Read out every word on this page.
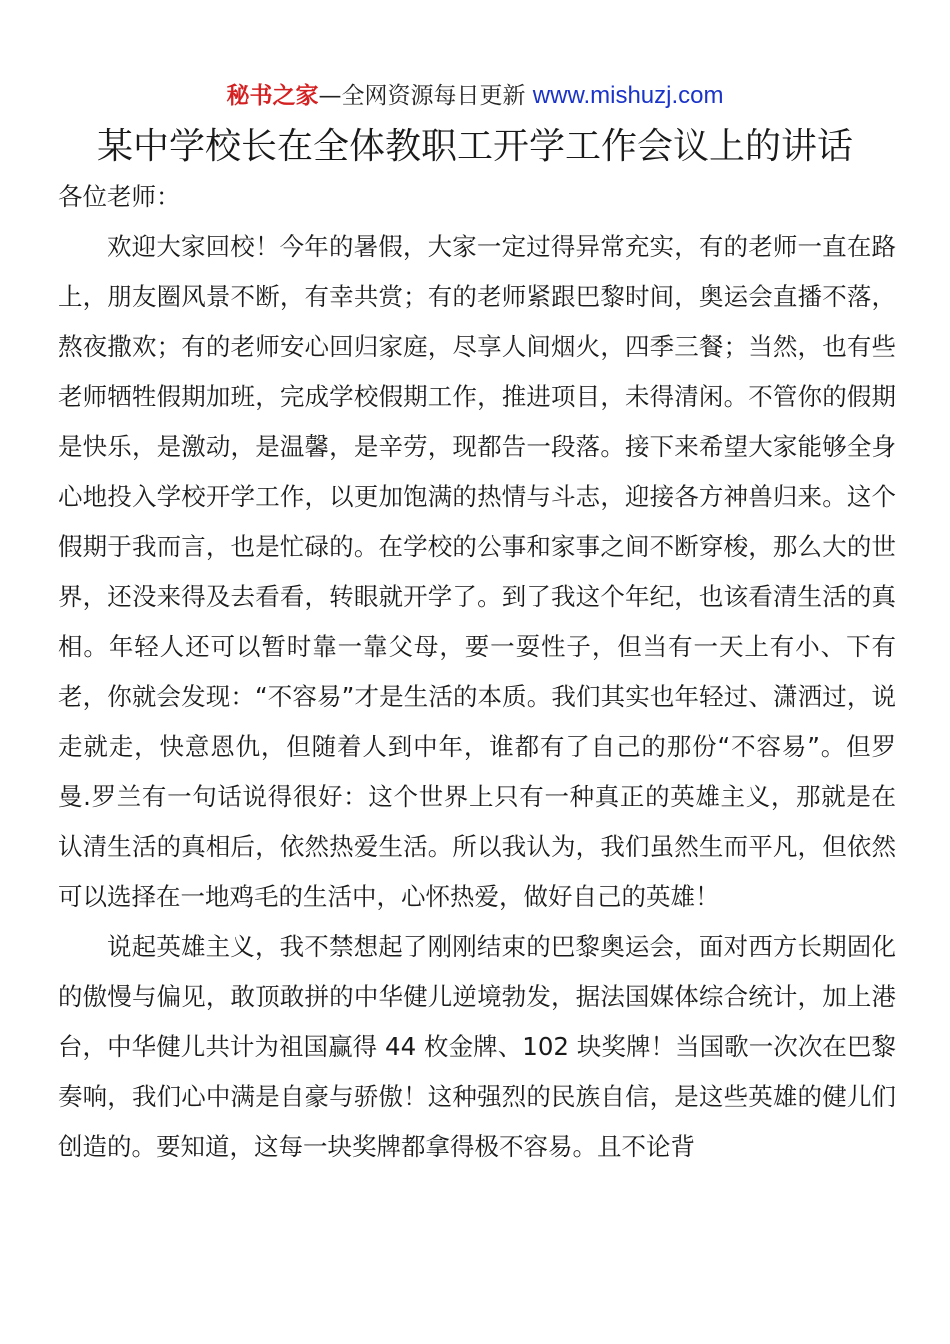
秘书之家—全网资源每日更新 www.mishuzj.com
某中学校长在全体教职工开学工作会议上的讲话

各位老师：

欢迎大家回校！今年的暑假，大家一定过得异常充实，有的老师一直在路上，朋友圈风景不断，有幸共赏；有的老师紧跟巴黎时间，奥运会直播不落，熬夜撒欢；有的老师安心回归家庭，尽享人间烟火，四季三餐；当然，也有些老师牺牲假期加班，完成学校假期工作，推进项目，未得清闲。不管你的假期是快乐，是激动，是温馨，是辛劳，现都告一段落。接下来希望大家能够全身心地投入学校开学工作，以更加饱满的热情与斗志，迎接各方神兽归来。这个假期于我而言，也是忙碌的。在学校的公事和家事之间不断穿梭，那么大的世界，还没来得及去看看，转眼就开学了。到了我这个年纪，也该看清生活的真相。年轻人还可以暂时靠一靠父母，要一耍性子，但当有一天上有小、下有老，你就会发现：“不容易”才是生活的本质。我们其实也年轻过、潇洒过，说走就走，快意恩仇，但随着人到中年，谁都有了自己的那份“不容易”。但罗曼.罗兰有一句话说得很好：这个世界上只有一种真正的英雄主义，那就是在认清生活的真相后，依然热爱生活。所以我认为，我们虽然生而平凡，但依然可以选择在一地鸡毛的生活中，心怀热爱，做好自己的英雄！

说起英雄主义，我不禁想起了刚刚结束的巴黎奥运会，面对西方长期固化的傲慢与偏见，敢顶敢拼的中华健儿逆境勃发，据法国媒体综合统计，加上港台，中华健儿共计为祖国赢得 44 枚金牌、102 块奖牌！当国歌一次次在巴黎奏响，我们心中满是自豪与骄傲！这种强烈的民族自信，是这些英雄的健儿们创造的。要知道，这每一块奖牌都拿得极不容易。且不论背
